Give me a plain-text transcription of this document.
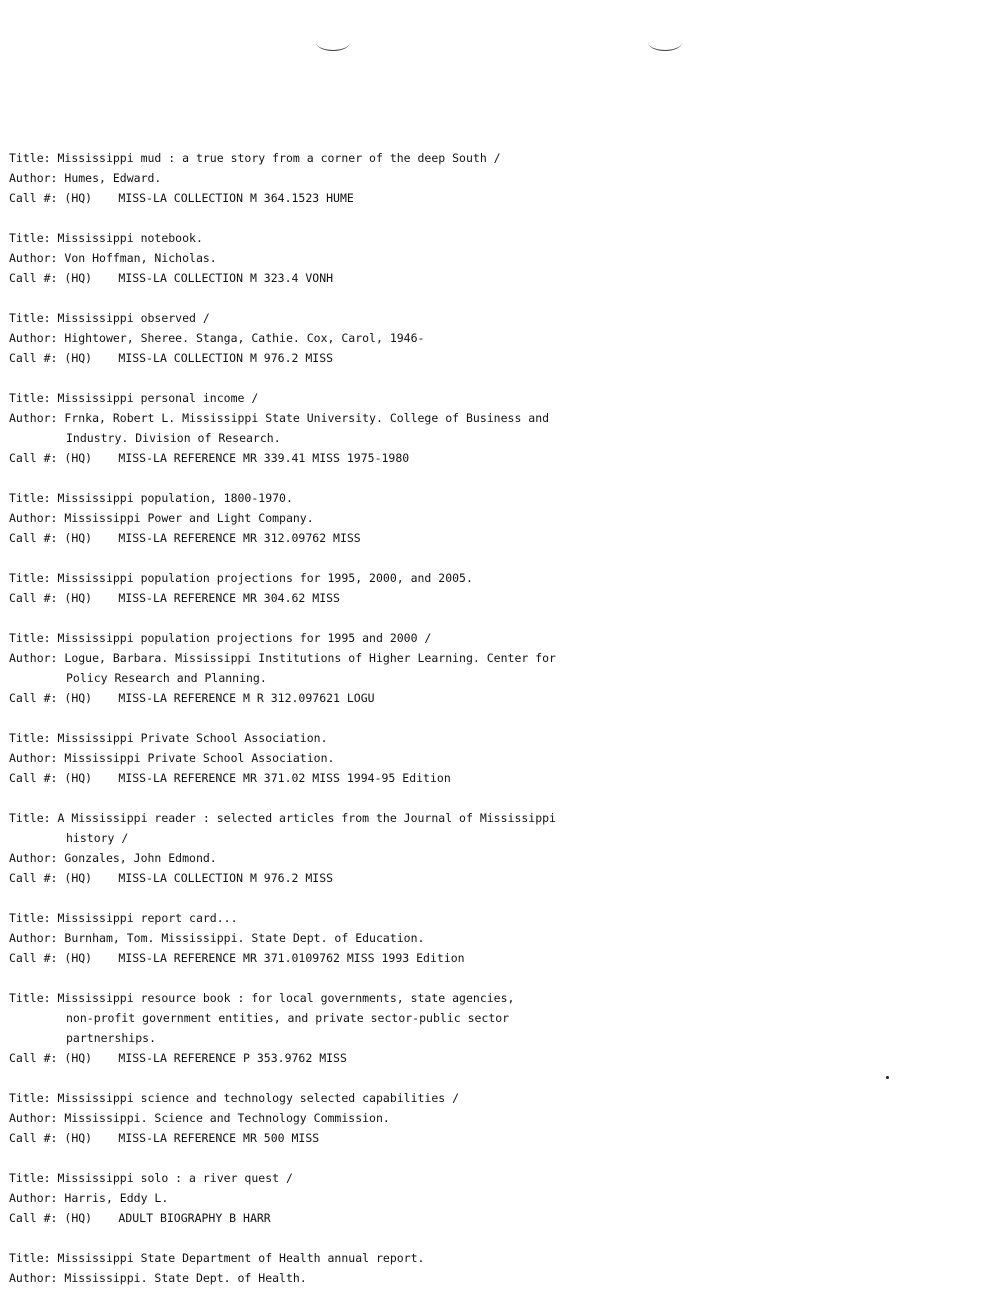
Title: Mississippi mud : a true story from a corner of the deep South /
Author: Humes, Edward.
Call #: (HQ) MISS-LA COLLECTION M 364.1523 HUME
Title: Mississippi notebook.
Author: Von Hoffman, Nicholas.
Call #: (HQ) MISS-LA COLLECTION M 323.4 VONH
Title: Mississippi observed /
Author: Hightower, Sheree. Stanga, Cathie. Cox, Carol, 1946-
Call #: (HQ) MISS-LA COLLECTION M 976.2 MISS
Title: Mississippi personal income /
Author: Frnka, Robert L. Mississippi State University. College of Business and
Industry. Division of Research.
Call #: (HQ) MISS-LA REFERENCE MR 339.41 MISS 1975-1980
Title: Mississippi population, 1800-1970.
Author: Mississippi Power and Light Company.
Call #: (HQ) MISS-LA REFERENCE MR 312.09762 MISS
Title: Mississippi population projections for 1995, 2000, and 2005.
Call #: (HQ) MISS-LA REFERENCE MR 304.62 MISS
Title: Mississippi population projections for 1995 and 2000 /
Author: Logue, Barbara. Mississippi Institutions of Higher Learning. Center for
Policy Research and Planning.
Call #: (HQ) MISS-LA REFERENCE M R 312.097621 LOGU
Title: Mississippi Private School Association.
Author: Mississippi Private School Association.
Call #: (HQ) MISS-LA REFERENCE MR 371.02 MISS 1994-95 Edition
Title: A Mississippi reader : selected articles from the Journal of Mississippi
history /
Author: Gonzales, John Edmond.
Call #: (HQ) MISS-LA COLLECTION M 976.2 MISS
Title: Mississippi report card...
Author: Burnham, Tom. Mississippi. State Dept. of Education.
Call #: (HQ) MISS-LA REFERENCE MR 371.0109762 MISS 1993 Edition
Title: Mississippi resource book : for local governments, state agencies,
non-profit government entities, and private sector-public sector
partnerships.
Call #: (HQ) MISS-LA REFERENCE P 353.9762 MISS
Title: Mississippi science and technology selected capabilities /
Author: Mississippi. Science and Technology Commission.
Call #: (HQ) MISS-LA REFERENCE MR 500 MISS
Title: Mississippi solo : a river quest /
Author: Harris, Eddy L.
Call #: (HQ) ADULT BIOGRAPHY B HARR
Title: Mississippi State Department of Health annual report.
Author: Mississippi. State Dept. of Health.
